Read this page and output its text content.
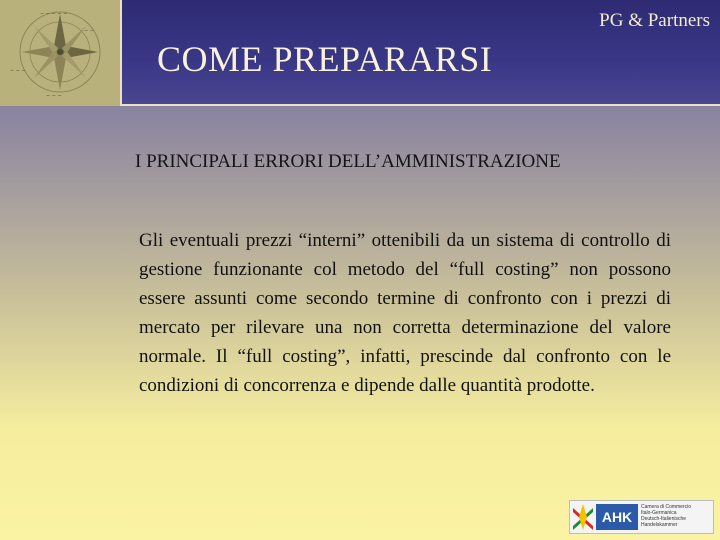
~ ~ ~ ~ ~
~ ~
~ ~ ~
~ ~ ~
PG & Partners
COME PREPARARSI
I PRINCIPALI ERRORI DELL’AMMINISTRAZIONE
Gli eventuali prezzi “interni” ottenibili da un sistema di controllo di gestione funzionante col metodo del “full costing” non possono essere assunti come secondo termine di confronto con i prezzi di mercato per rilevare una non corretta determinazione del valore normale. Il “full costing”, infatti, prescinde dal confronto con le condizioni di concorrenza e dipende dalle quantità prodotte.
AHK
Camera di Commercio
Italo-Germanica
Deutsch-Italienische
Handelskammer
